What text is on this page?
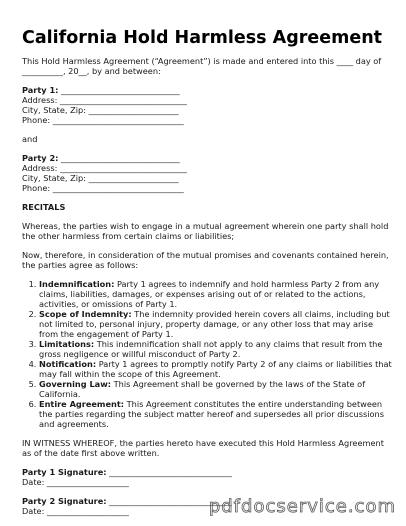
California Hold Harmless Agreement

This Hold Harmless Agreement (“Agreement”) is made and entered into this ____ day of

__________, 20__, by and between:

Party 1: _____________________________

Address: _______________________________

City, State, Zip: ______________________

Phone: ________________________________

and

Party 2: _____________________________

Address: _______________________________

City, State, Zip: ______________________

Phone: ________________________________

RECITALS

Whereas, the parties wish to engage in a mutual agreement wherein one party shall hold the other harmless from certain claims or liabilities;

Now, therefore, in consideration of the mutual promises and covenants contained herein, the parties agree as follows:

1. Indemnification: Party 1 agrees to indemnify and hold harmless Party 2 from any claims, liabilities, damages, or expenses arising out of or related to the actions, activities, or omissions of Party 1.
2. Scope of Indemnity: The indemnity provided herein covers all claims, including but not limited to, personal injury, property damage, or any other loss that may arise from the engagement of Party 1.
3. Limitations: This indemnification shall not apply to any claims that result from the gross negligence or willful misconduct of Party 2.
4. Notification: Party 1 agrees to promptly notify Party 2 of any claims or liabilities that may fall within the scope of this Agreement.
5. Governing Law: This Agreement shall be governed by the laws of the State of California.
6. Entire Agreement: This Agreement constitutes the entire understanding between the parties regarding the subject matter hereof and supersedes all prior discussions and agreements.

IN WITNESS WHEREOF, the parties hereto have executed this Hold Harmless Agreement as of the date first above written.

Party 1 Signature: ______________________________

Date: ____________________

Party 2 Signature: ______________________________

Date: ____________________	pdfdocservice.com
